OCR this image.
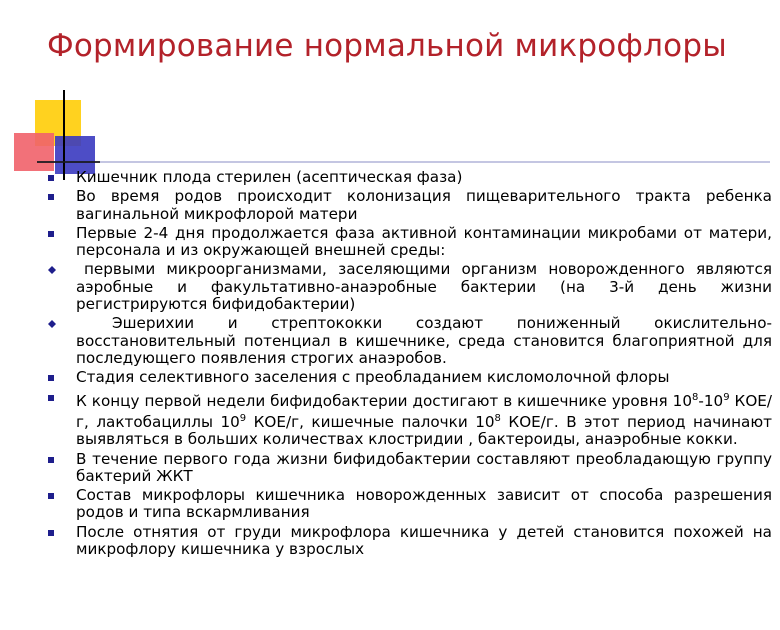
Формирование нормальной микрофлоры
Кишечник плода стерилен (асептическая фаза)
Во время родов происходит колонизация пищеварительного тракта ребенка вагинальной микрофлорой матери
Первые 2-4 дня продолжается фаза активной контаминации микробами от матери, персонала и из окружающей внешней среды:
первыми микроорганизмами, заселяющими организм новорожденного являются аэробные и факультативно-анаэробные бактерии (на 3-й день жизни регистрируются бифидобактерии)
Эшерихии и стрептококки создают пониженный окислительно-восстановительный потенциал в кишечнике, среда становится благоприятной для последующего появления строгих анаэробов.
Стадия селективного заселения с преобладанием кисломолочной флоры
К концу первой недели бифидобактерии достигают в кишечнике уровня $10^8-10^9$ КОЕ/г, лактобациллы $10^9$ КОЕ/г, кишечные палочки $10^8$ КОЕ/г. В этот период начинают выявляться в больших количествах клостридии , бактероиды, анаэробные кокки.
В течение первого года жизни бифидобактерии составляют преобладающую группу бактерий ЖКТ
Состав микрофлоры кишечника новорожденных зависит от способа разрешения родов и типа вскармливания
После отнятия от груди микрофлора кишечника у детей становится похожей на микрофлору кишечника у взрослых
